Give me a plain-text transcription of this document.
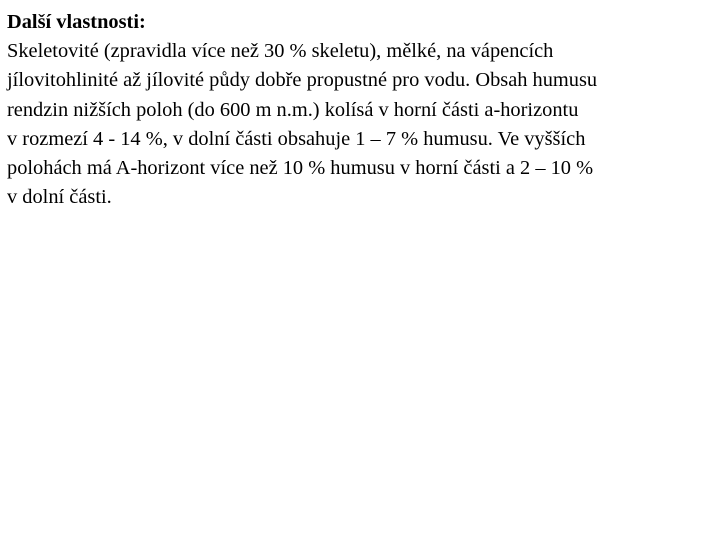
Další vlastnosti:
Skeletovité (zpravidla více než 30 % skeletu), mělké, na vápencích
jílovitohlinité až jílovité půdy dobře propustné pro vodu. Obsah humusu
rendzin nižších poloh (do 600 m n.m.) kolísá v horní části a-horizontu
v rozmezí 4 - 14 %, v dolní části obsahuje 1 – 7 % humusu. Ve vyšších
polohách má A-horizont více než 10 % humusu v horní části a 2 – 10 %
v dolní části.
